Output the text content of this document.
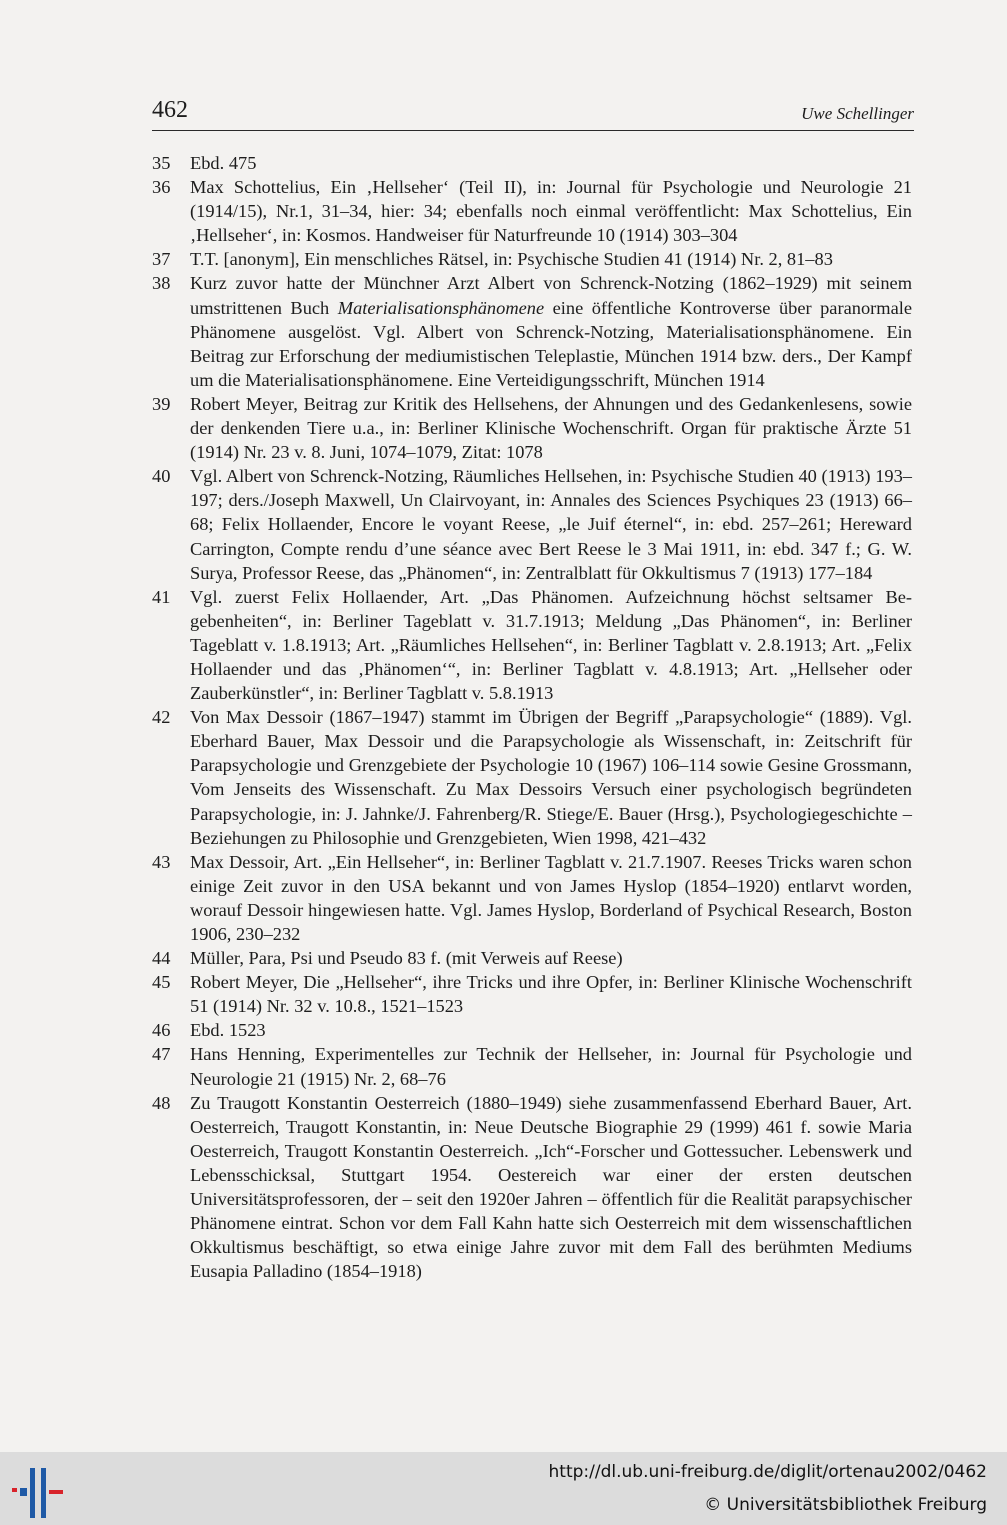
462	Uwe Schellinger
35 Ebd. 475
36 Max Schottelius, Ein ‚Hellseher‘ (Teil II), in: Journal für Psychologie und Neurologie 21 (1914/15), Nr.1, 31–34, hier: 34; ebenfalls noch einmal veröffentlicht: Max Schottelius, Ein ‚Hellseher‘, in: Kosmos. Handweiser für Naturfreunde 10 (1914) 303–304
37 T.T. [anonym], Ein menschliches Rätsel, in: Psychische Studien 41 (1914) Nr. 2, 81–83
38 Kurz zuvor hatte der Münchner Arzt Albert von Schrenck-Notzing (1862–1929) mit seinem umstrittenen Buch Materialisationsphänomene eine öffentliche Kontroverse über paranormale Phänomene ausgelöst. Vgl. Albert von Schrenck-Notzing, Materialisationsphänomene. Ein Beitrag zur Erforschung der mediumistischen Teleplastie, München 1914 bzw. ders., Der Kampf um die Materialisationsphänomene. Eine Verteidigungsschrift, München 1914
39 Robert Meyer, Beitrag zur Kritik des Hellsehens, der Ahnungen und des Gedankenlesens, sowie der denkenden Tiere u.a., in: Berliner Klinische Wochenschrift. Organ für praktische Ärzte 51 (1914) Nr. 23 v. 8. Juni, 1074–1079, Zitat: 1078
40 Vgl. Albert von Schrenck-Notzing, Räumliches Hellsehen, in: Psychische Studien 40 (1913) 193–197; ders./Joseph Maxwell, Un Clairvoyant, in: Annales des Sciences Psychiques 23 (1913) 66–68; Felix Hollaender, Encore le voyant Reese, „le Juif éternel“, in: ebd. 257–261; Hereward Carrington, Compte rendu d’une séance avec Bert Reese le 3 Mai 1911, in: ebd. 347 f.; G. W. Surya, Professor Reese, das „Phänomen“, in: Zentralblatt für Okkultismus 7 (1913) 177–184
41 Vgl. zuerst Felix Hollaender, Art. „Das Phänomen. Aufzeichnung höchst seltsamer Begebenheiten“, in: Berliner Tageblatt v. 31.7.1913; Meldung „Das Phänomen“, in: Berliner Tageblatt v. 1.8.1913; Art. „Räumliches Hellsehen“, in: Berliner Tagblatt v. 2.8.1913; Art. „Felix Hollaender und das ‚Phänomen‘“, in: Berliner Tagblatt v. 4.8.1913; Art. „Hellseher oder Zauberkünstler“, in: Berliner Tagblatt v. 5.8.1913
42 Von Max Dessoir (1867–1947) stammt im Übrigen der Begriff „Parapsychologie“ (1889). Vgl. Eberhard Bauer, Max Dessoir und die Parapsychologie als Wissenschaft, in: Zeitschrift für Parapsychologie und Grenzgebiete der Psychologie 10 (1967) 106–114 sowie Gesine Grossmann, Vom Jenseits des Wissenschaft. Zu Max Dessoirs Versuch einer psychologisch begründeten Parapsychologie, in: J. Jahnke/J. Fahrenberg/R. Stiege/E. Bauer (Hrsg.), Psychologiegeschichte – Beziehungen zu Philosophie und Grenzgebieten, Wien 1998, 421–432
43 Max Dessoir, Art. „Ein Hellseher“, in: Berliner Tagblatt v. 21.7.1907. Reeses Tricks waren schon einige Zeit zuvor in den USA bekannt und von James Hyslop (1854–1920) entlarvt worden, worauf Dessoir hingewiesen hatte. Vgl. James Hyslop, Borderland of Psychical Research, Boston 1906, 230–232
44 Müller, Para, Psi und Pseudo 83 f. (mit Verweis auf Reese)
45 Robert Meyer, Die „Hellseher“, ihre Tricks und ihre Opfer, in: Berliner Klinische Wochenschrift 51 (1914) Nr. 32 v. 10.8., 1521–1523
46 Ebd. 1523
47 Hans Henning, Experimentelles zur Technik der Hellseher, in: Journal für Psychologie und Neurologie 21 (1915) Nr. 2, 68–76
48 Zu Traugott Konstantin Oesterreich (1880–1949) siehe zusammenfassend Eberhard Bauer, Art. Oesterreich, Traugott Konstantin, in: Neue Deutsche Biographie 29 (1999) 461 f. sowie Maria Oesterreich, Traugott Konstantin Oesterreich. „Ich“-Forscher und Gottessucher. Lebenswerk und Lebensschicksal, Stuttgart 1954. Oestereich war einer der ersten deutschen Universitätsprofessoren, der – seit den 1920er Jahren – öffentlich für die Realität parapsychischer Phänomene eintrat. Schon vor dem Fall Kahn hatte sich Oesterreich mit dem wissenschaftlichen Okkultismus beschäftigt, so etwa einige Jahre zuvor mit dem Fall des berühmten Mediums Eusapia Palladino (1854–1918)
http://dl.ub.uni-freiburg.de/diglit/ortenau2002/0462
© Universitätsbibliothek Freiburg
